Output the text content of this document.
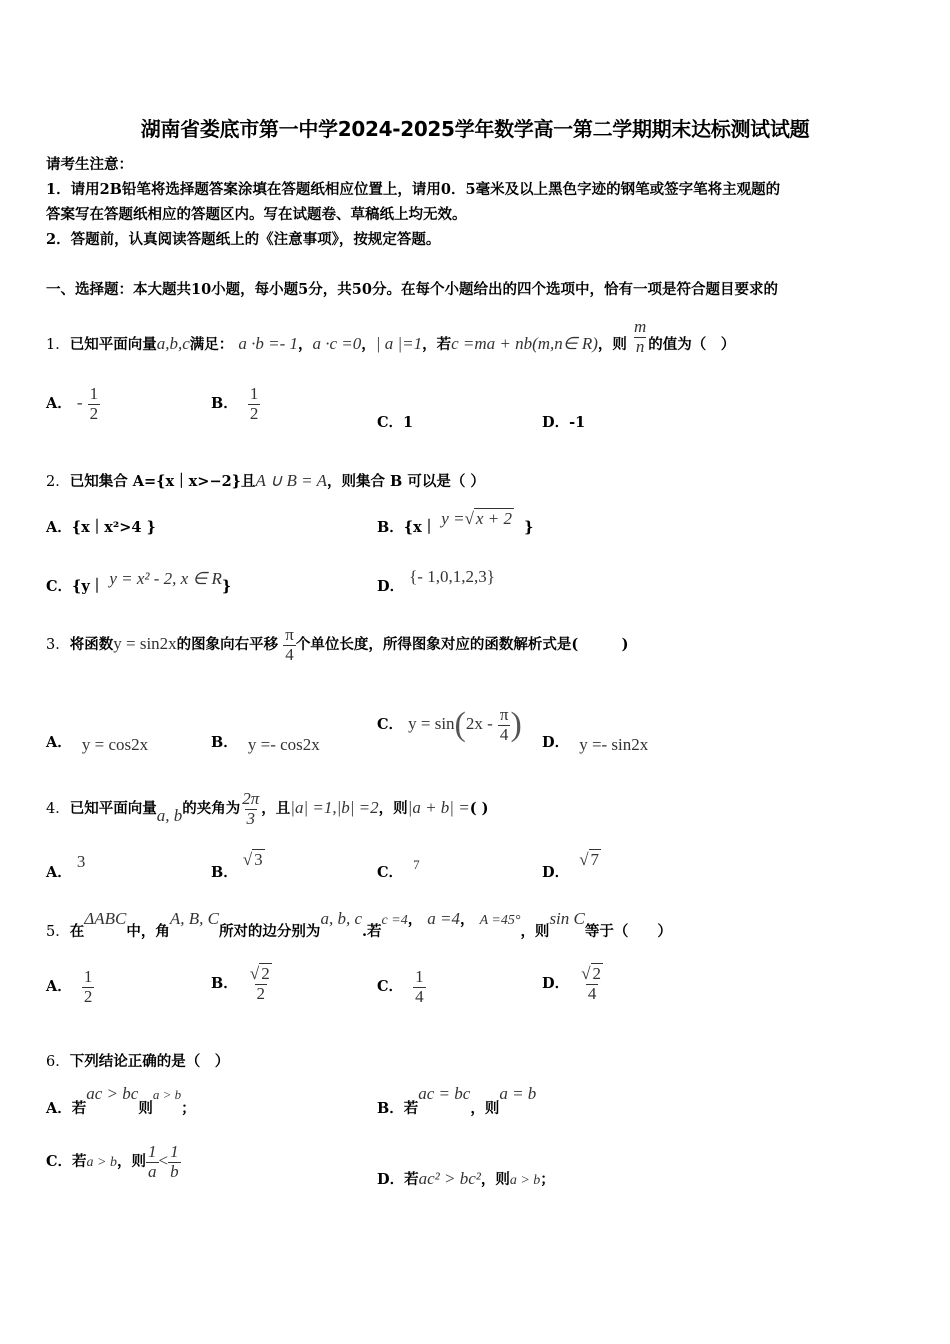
湖南省娄底市第一中学2024-2025学年数学高一第二学期期末达标测试试题
请考生注意：
1．请用2B铅笔将选择题答案涂填在答题纸相应位置上，请用0．5毫米及以上黑色字迹的钢笔或签字笔将主观题的
答案写在答题纸相应的答题区内。写在试题卷、草稿纸上均无效。
2．答题前，认真阅读答题纸上的《注意事项》，按规定答题。
一、选择题：本大题共10小题，每小题5分，共50分。在每个小题给出的四个选项中，恰有一项是符合题目要求的
1．已知平面向量a,b,c满足： a ·b =- 1，a ·c =0，| a |=1，若c =ma + nb(m,n∈ R)，则 $\frac{m}{n}$ 的值为（　）
A． - $\frac{1}{2}$	B． $\frac{1}{2}$	C．1	D．-1
2．已知集合 A={x｜x>−2}且A ∪ B = A，则集合 B 可以是（ ）
A．{x｜x²>4 }	B．{x｜ y =√ x + 2 }
C．{y｜ y = x² - 2, x ∈ R}	D． {- 1,0,1,2,3}
3．将函数y = sin2x的图象向右平移 $\frac{\pi}{4}$ 个单位长度，所得图象对应的函数解析式是(　　　)
A． y = cos2x	B． y =- cos2x
C． $y = \sin(2x - \frac{\pi}{4}$ ) D． y =- sin2x
4．已知平面向量a, b的夹角为 $\frac{2\pi}{3}$ ，且|a| =1,|b| =2，则|a + b| =( )
A． 3
B． √ 3
C． 7	D．  √ 7
5．在ΔABC中，角A, B, C所对的边分别为a, b, c.若c =4， a =4， A =45°，则sin C等于（　　）
A． $\frac{1}{2}$	B． $\frac{√ 2}{2}$	C． $\frac{1}{4}$	D． $\frac{√ 2}{4}$
6．下列结论正确的是（　）
A．若ac > bc则a > b；	B．若ac = bc，则a = b
C．若a > b，则 $\frac{1}{a} < \frac{1}{b}$	D．若ac² > bc²，则a > b；
